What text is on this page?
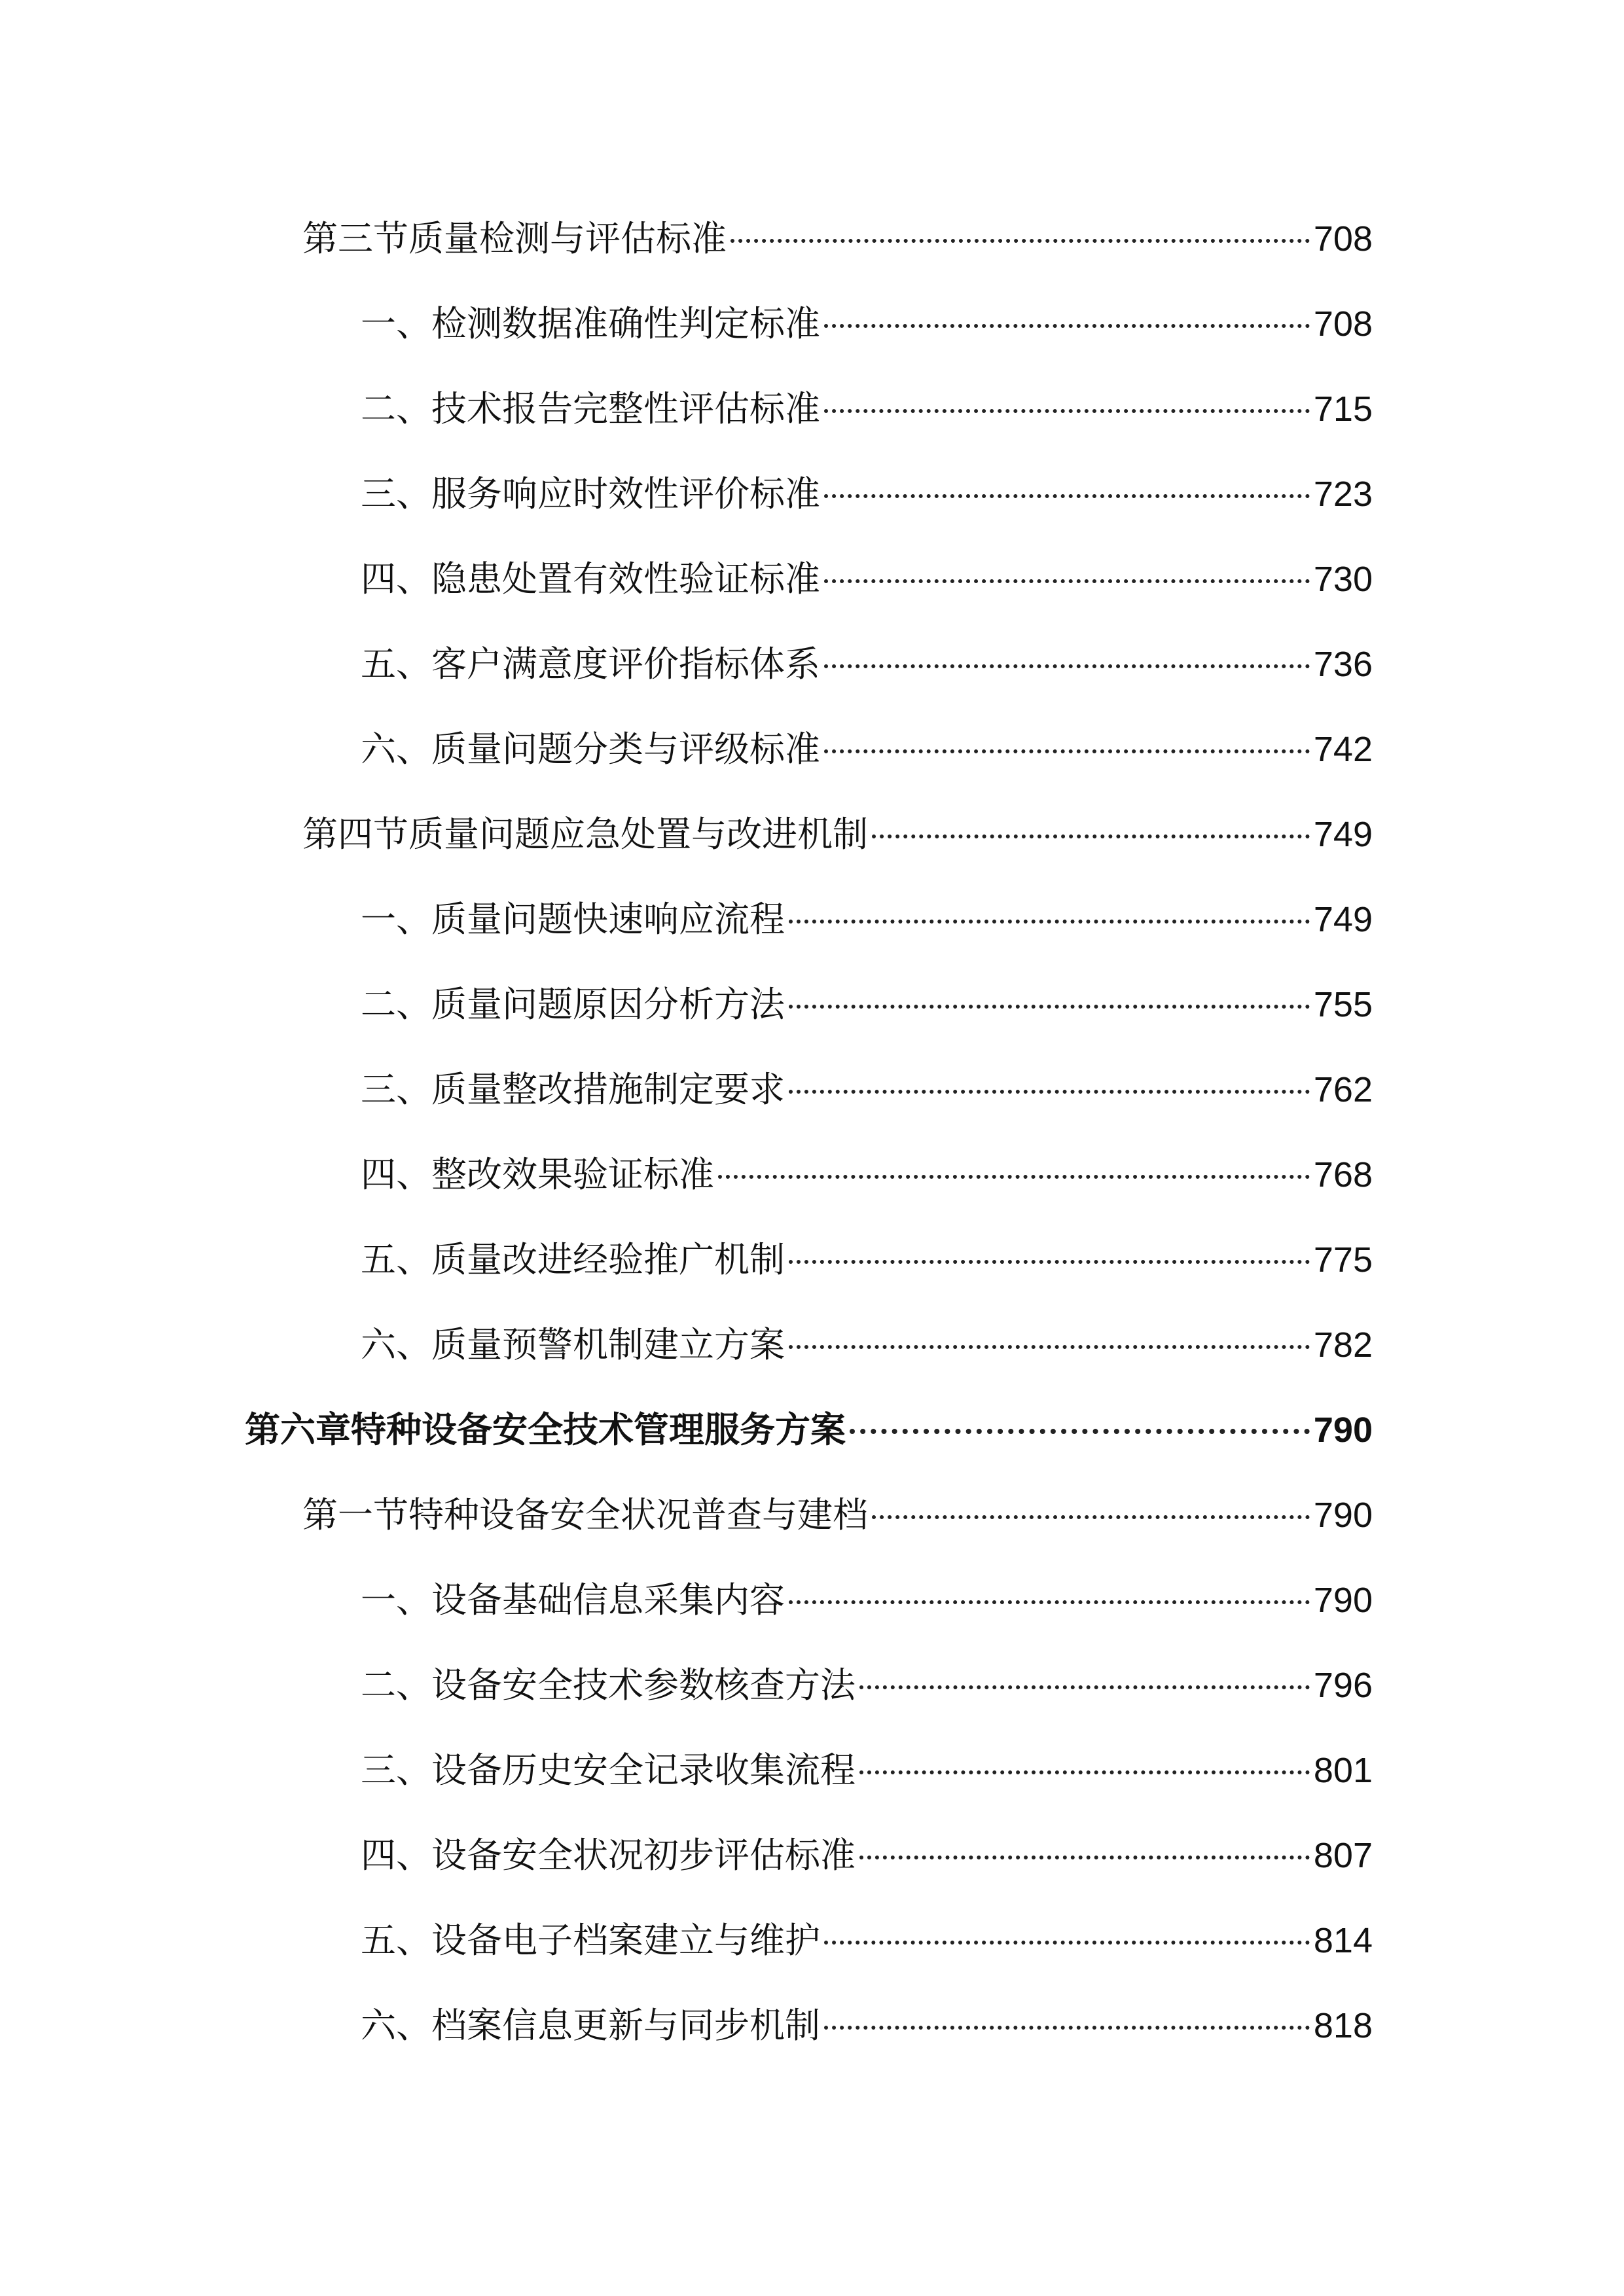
第三节质量检测与评估标准	708
一、检测数据准确性判定标准	708
二、技术报告完整性评估标准	715
三、服务响应时效性评价标准	723
四、隐患处置有效性验证标准	730
五、客户满意度评价指标体系	736
六、质量问题分类与评级标准	742
第四节质量问题应急处置与改进机制	749
一、质量问题快速响应流程	749
二、质量问题原因分析方法	755
三、质量整改措施制定要求	762
四、整改效果验证标准	768
五、质量改进经验推广机制	775
六、质量预警机制建立方案	782
第六章特种设备安全技术管理服务方案	790
第一节特种设备安全状况普查与建档	790
一、设备基础信息采集内容	790
二、设备安全技术参数核查方法	796
三、设备历史安全记录收集流程	801
四、设备安全状况初步评估标准	807
五、设备电子档案建立与维护	814
六、档案信息更新与同步机制	818
